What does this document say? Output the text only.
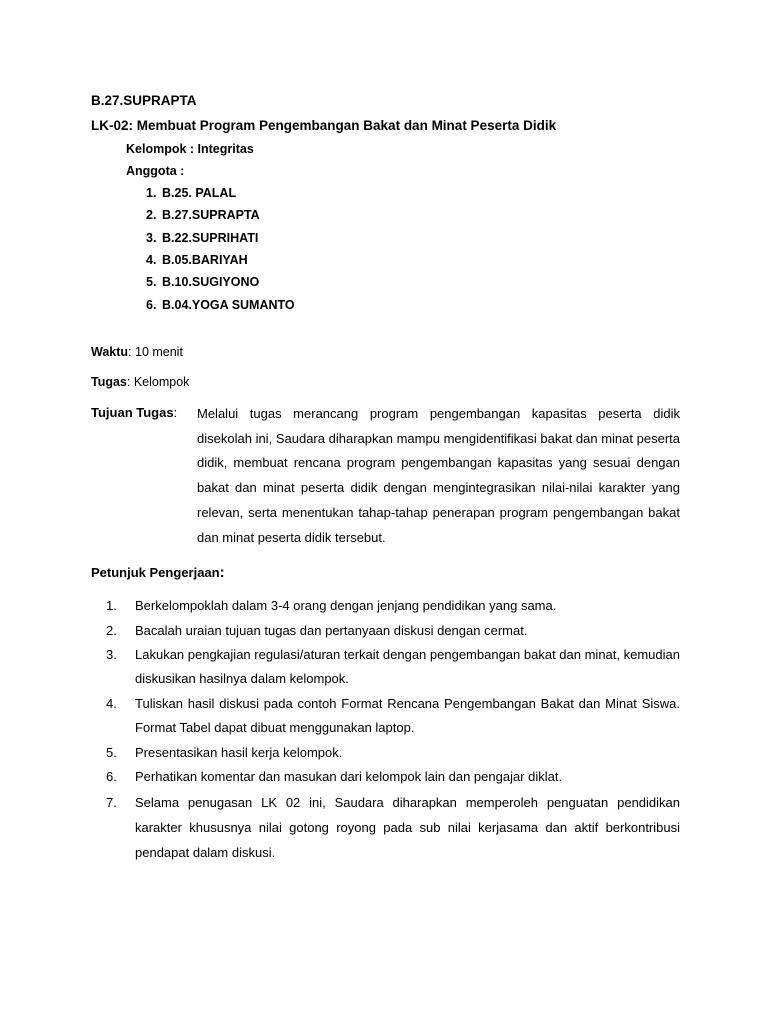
B.27.SUPRAPTA
LK-02: Membuat Program Pengembangan Bakat dan Minat Peserta Didik
Kelompok : Integritas
Anggota :
1. B.25. PALAL
2. B.27.SUPRAPTA
3. B.22.SUPRIHATI
4. B.05.BARIYAH
5. B.10.SUGIYONO
6. B.04.YOGA SUMANTO
Waktu: 10 menit
Tugas: Kelompok
Tujuan Tugas: Melalui tugas merancang program pengembangan kapasitas peserta didik disekolah ini, Saudara diharapkan mampu mengidentifikasi bakat dan minat peserta didik, membuat rencana program pengembangan kapasitas yang sesuai dengan bakat dan minat peserta didik dengan mengintegrasikan nilai-nilai karakter yang relevan, serta menentukan tahap-tahap penerapan program pengembangan bakat dan minat peserta didik tersebut.

Petunjuk Pengerjaan:
1.	Berkelompoklah dalam 3-4 orang dengan jenjang pendidikan yang sama.
2.	Bacalah uraian tujuan tugas dan pertanyaan diskusi dengan cermat.
3.	Lakukan pengkajian regulasi/aturan terkait dengan pengembangan bakat dan minat, kemudian diskusikan hasilnya dalam kelompok.
4.	Tuliskan hasil diskusi pada contoh Format Rencana Pengembangan Bakat dan Minat Siswa. Format Tabel dapat dibuat menggunakan laptop.
5.	Presentasikan hasil kerja kelompok.
6.	Perhatikan komentar dan masukan dari kelompok lain dan pengajar diklat.
7.	Selama penugasan LK 02 ini, Saudara diharapkan memperoleh penguatan pendidikan karakter khususnya nilai gotong royong pada sub nilai kerjasama dan aktif berkontribusi pendapat dalam diskusi.
